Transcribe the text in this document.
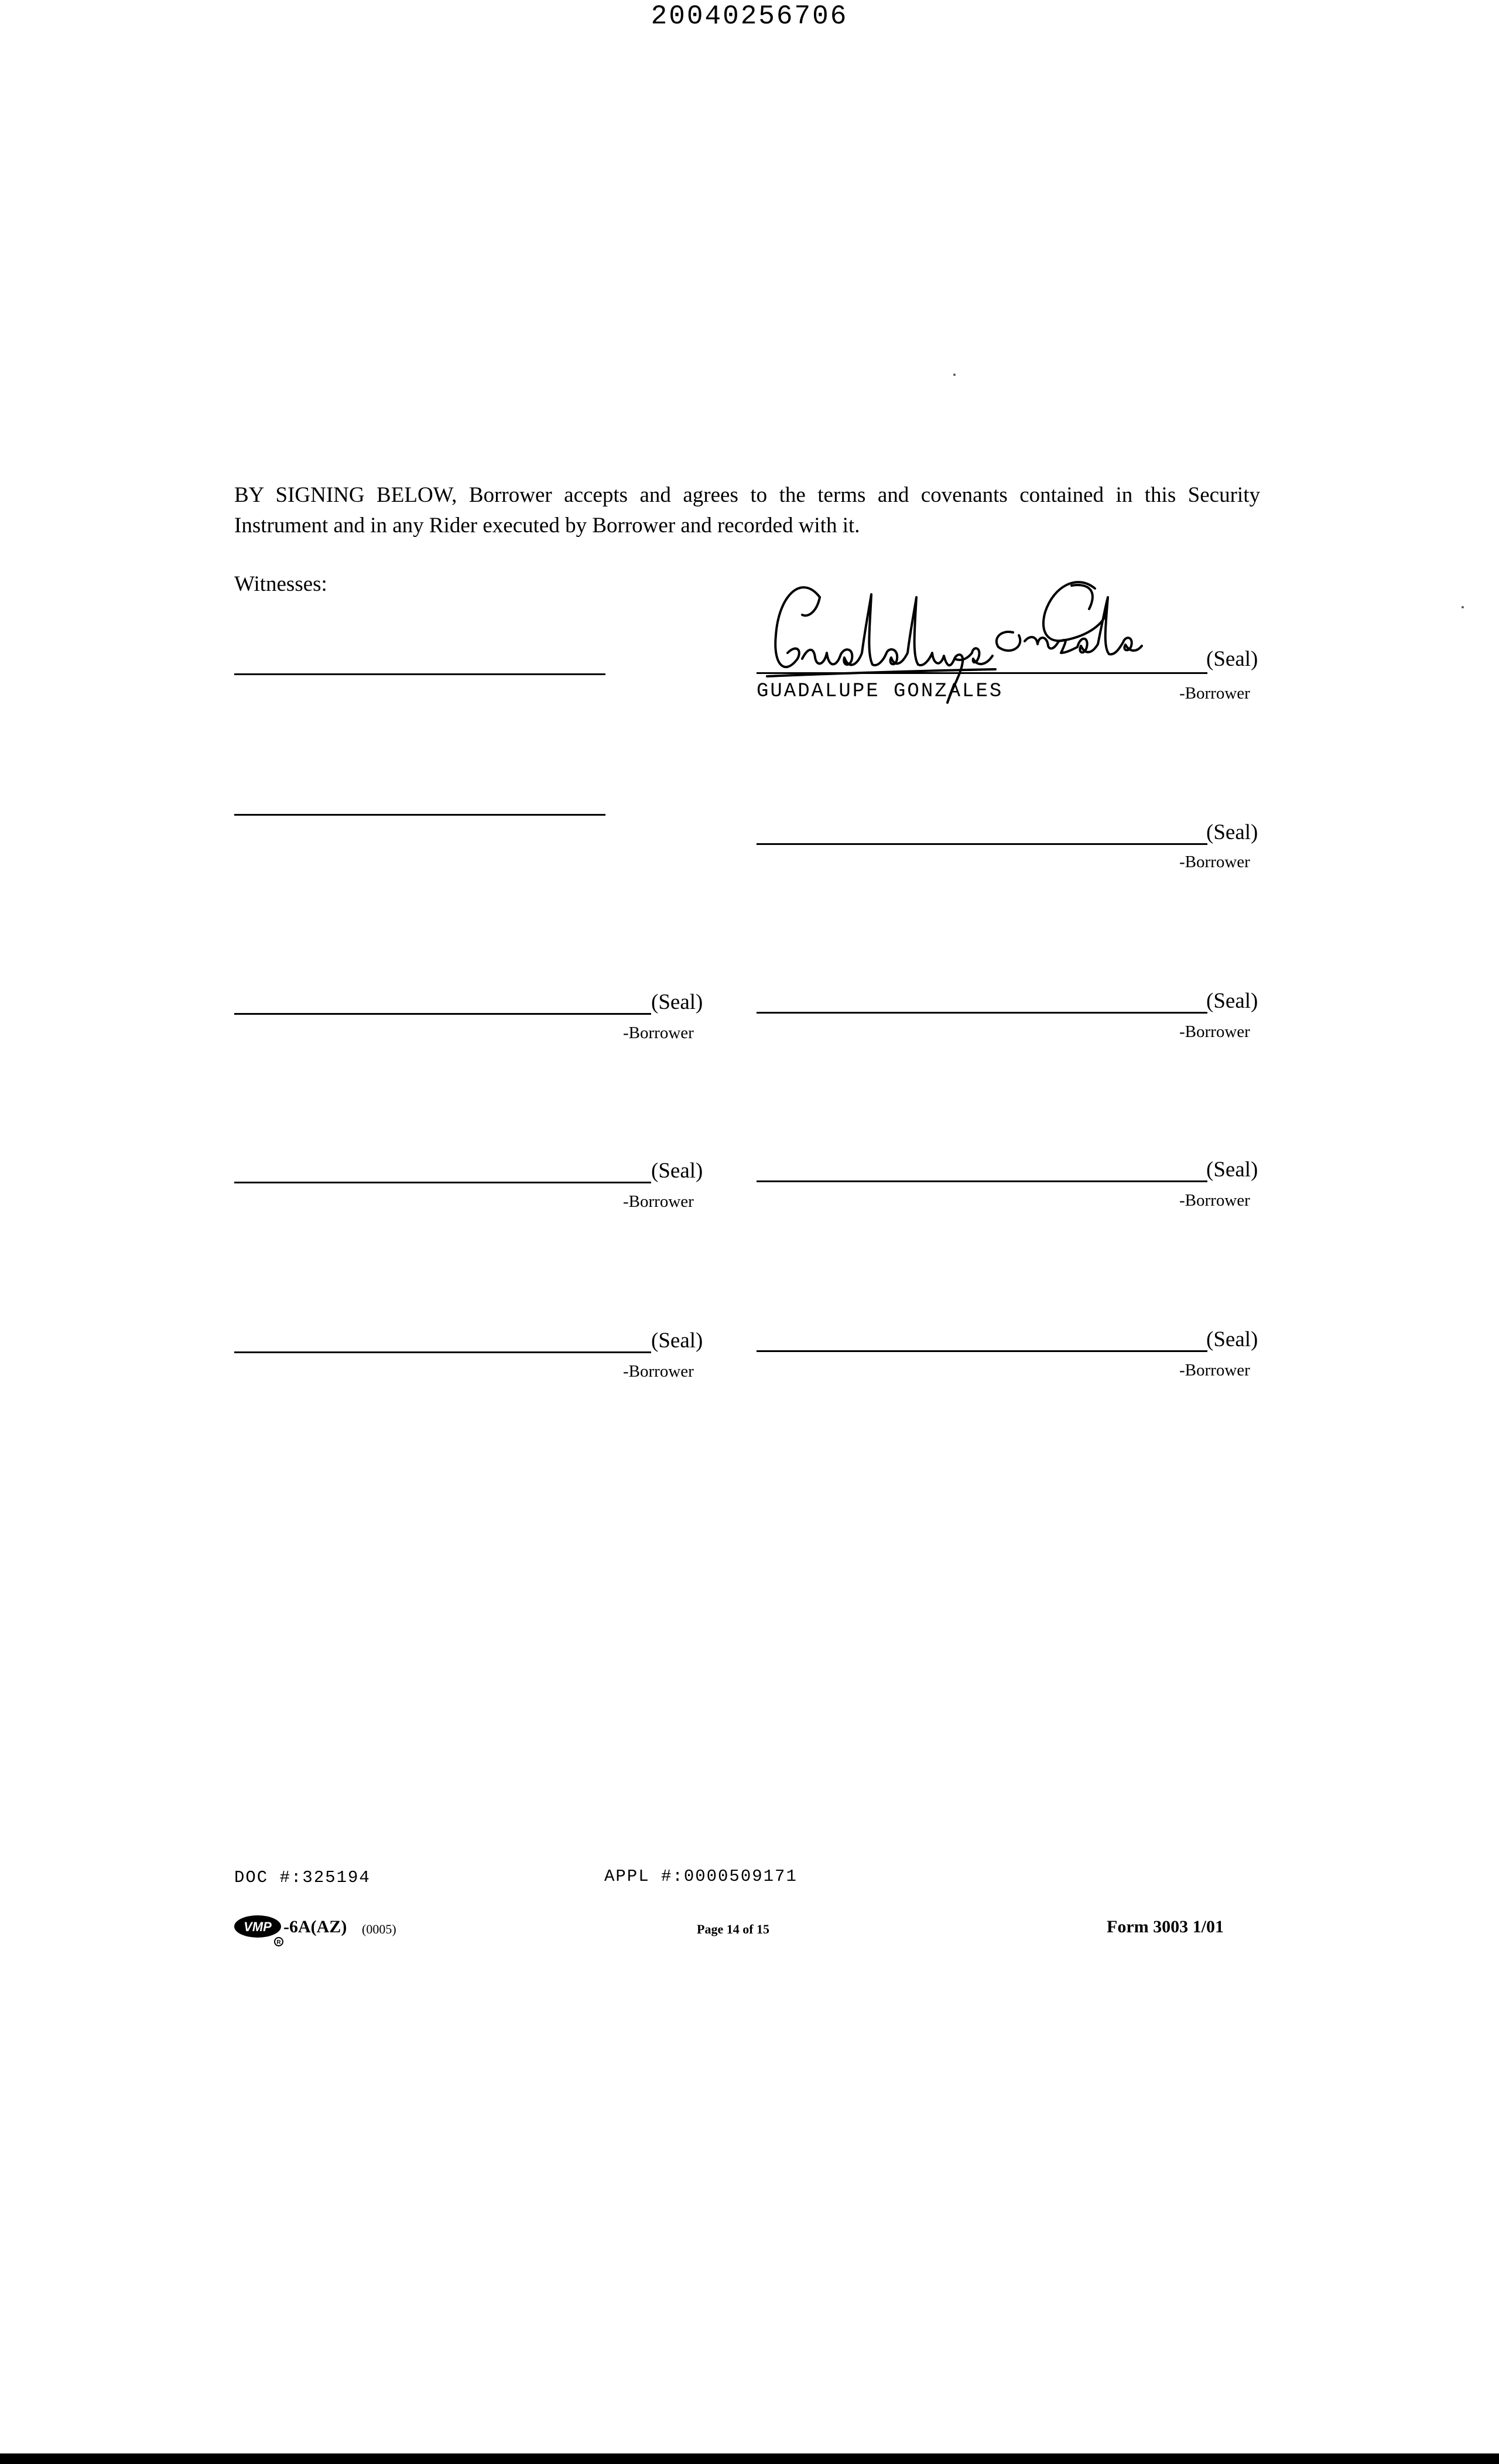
20040256706
BY SIGNING BELOW, Borrower accepts and agrees to the terms and covenants contained in this Security Instrument and in any Rider executed by Borrower and recorded with it.
Witnesses:
(Seal)
GUADALUPE GONZALES	-Borrower
(Seal)
-Borrower
(Seal)
-Borrower
(Seal)
-Borrower
(Seal)
-Borrower
(Seal)
-Borrower
(Seal)
-Borrower
(Seal)
-Borrower
DOC #:325194	APPL #:0000509171
VMP
R
-6A(AZ) (0005)	Page 14 of 15	Form 3003 1/01
